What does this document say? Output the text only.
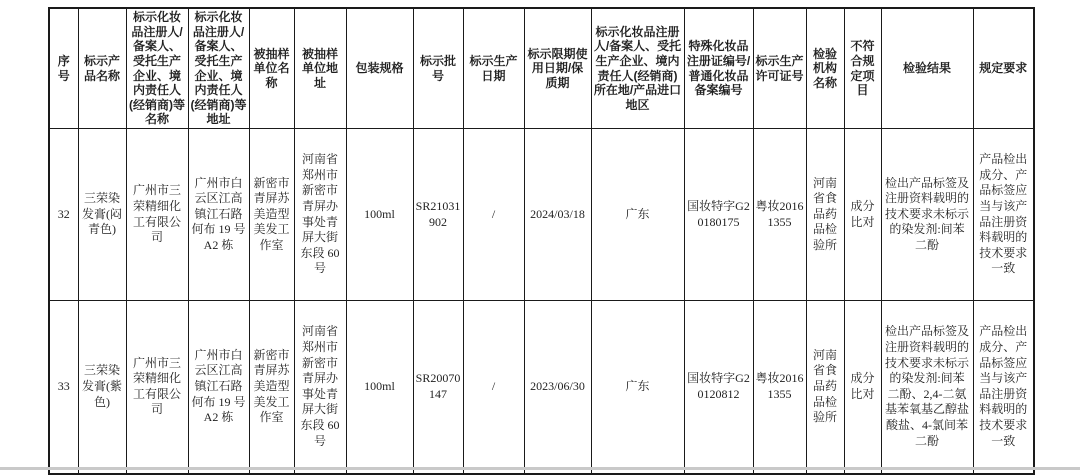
序号	标示产品名称	标示化妆品注册人/备案人、受托生产企业、境内责任人(经销商)等名称	标示化妆品注册人/备案人、受托生产企业、境内责任人(经销商)等地址	被抽样单位名称	被抽样单位地址	包装规格	标示批号	标示生产日期	标示限期使用日期/保质期	标示化妆品注册人/备案人、受托生产企业、境内责任人(经销商)所在地/产品进口地区	特殊化妆品注册证编号/普通化妆品备案编号	标示生产许可证号	检验机构名称	不符合规定项目	检验结果	规定要求
32	三荣染发膏(闷青色)	广州市三荣精细化工有限公司	广州市白云区江高镇江石路何布 19 号 A2 栋	新密市青屏苏美造型美发工作室	河南省郑州市新密市青屏办事处青屏大街东段 60 号	100ml	SR21031902	/	2024/03/18	广东	国妆特字G20180175	粤妆20161355	河南省食品药品检验所	成分比对	检出产品标签及注册资料载明的技术要求未标示的染发剂:间苯二酚	产品检出成分、产品标签应当与该产品注册资料载明的技术要求一致
33	三荣染发膏(紫色)	广州市三荣精细化工有限公司	广州市白云区江高镇江石路何布 19 号 A2 栋	新密市青屏苏美造型美发工作室	河南省郑州市新密市青屏办事处青屏大街东段 60 号	100ml	SR20070147	/	2023/06/30	广东	国妆特字G20120812	粤妆20161355	河南省食品药品检验所	成分比对	检出产品标签及注册资料载明的技术要求未标示的染发剂:间苯二酚、2,4-二氨基苯氧基乙醇盐酸盐、4-氯间苯二酚	产品检出成分、产品标签应当与该产品注册资料载明的技术要求一致
